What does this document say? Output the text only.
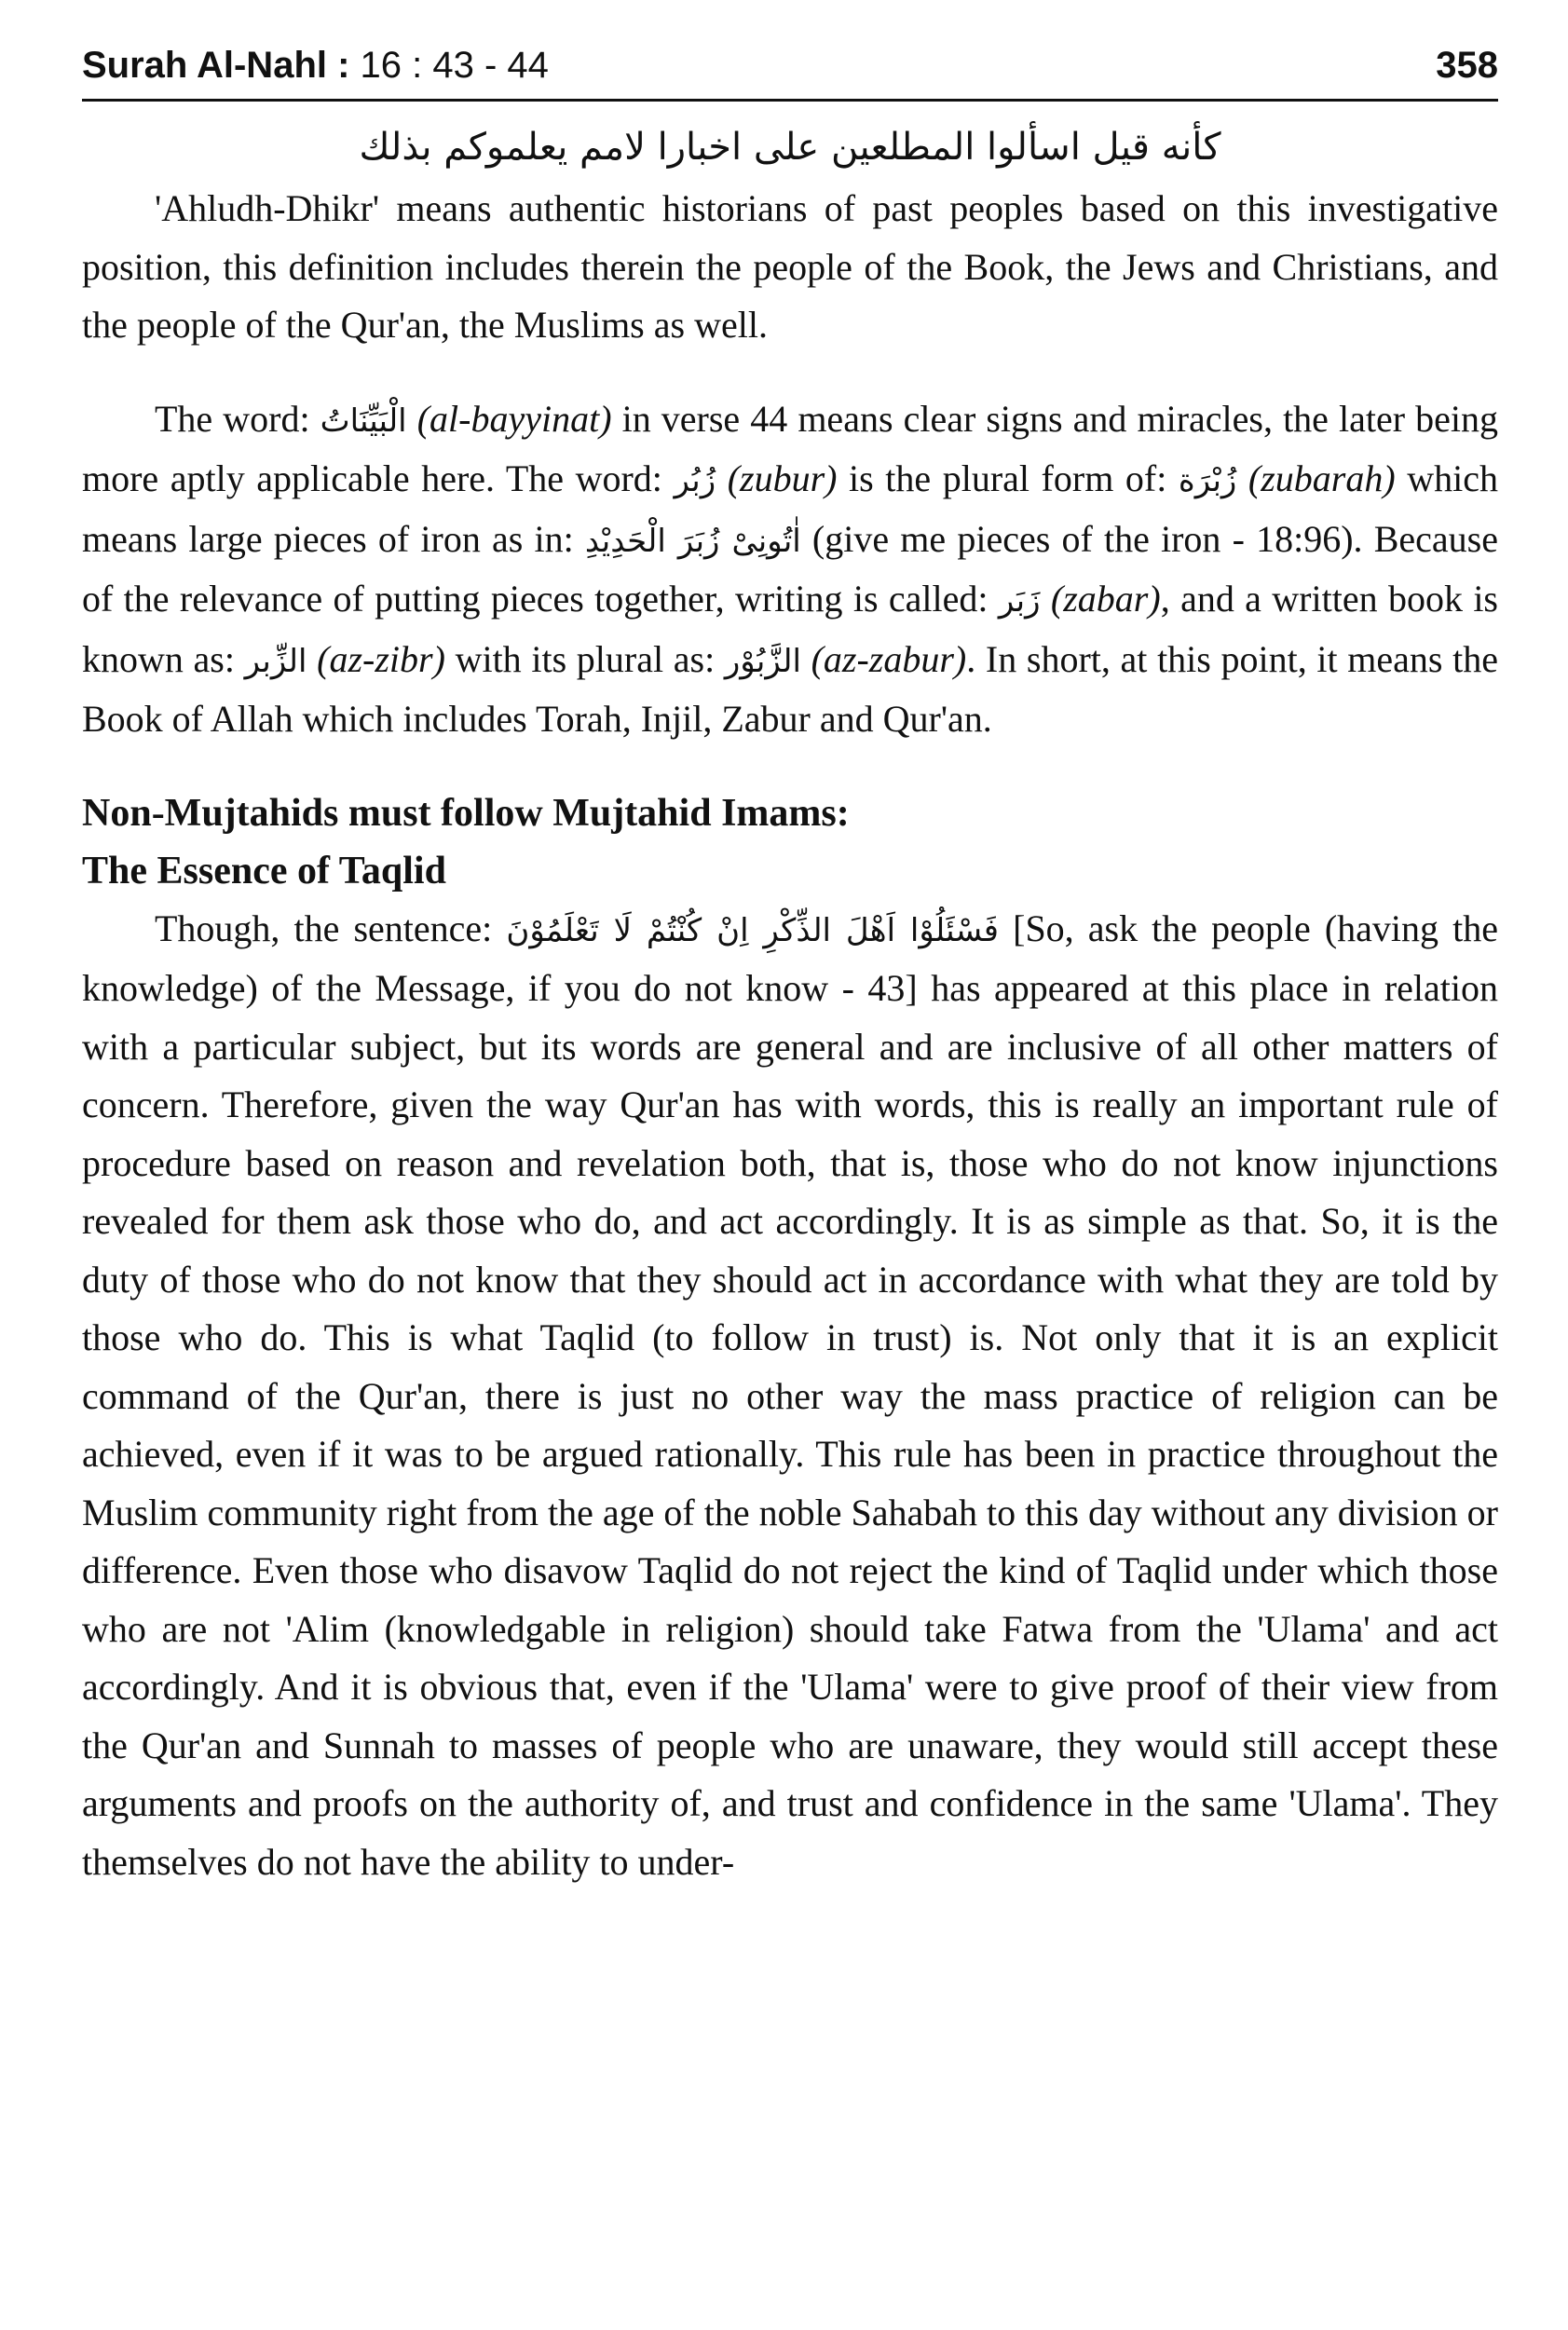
Surah Al-Nahl : 16 : 43 - 44	358
كأنه قيل اسألوا المطلعين على اخبارا لامم يعلموكم بذلك

'Ahludh-Dhikr' means authentic historians of past peoples based on this investigative position, this definition includes therein the people of the Book, the Jews and Christians, and the people of the Qur'an, the Muslims as well.

The word: الْبَيِّنَاتُ (al-bayyinat) in verse 44 means clear signs and miracles, the later being more aptly applicable here. The word: زُبُر (zubur) is the plural form of: زُبْرَة (zubarah) which means large pieces of iron as in: اٰتُونِىْ زُبَرَ الْحَدِيْدِ (give me pieces of the iron - 18:96). Because of the relevance of putting pieces together, writing is called: زَبَر (zabar), and a written book is known as: الزِّبر (az-zibr) with its plural as: الزَّبُوْر (az-zabur). In short, at this point, it means the Book of Allah which includes Torah, Injil, Zabur and Qur'an.

Non-Mujtahids must follow Mujtahid Imams:

The Essence of Taqlid

Though, the sentence: فَسْئَلُوْا اَهْلَ الذِّكْرِ اِنْ كُنْتُمْ لَا تَعْلَمُوْنَ [So, ask the people (having the knowledge) of the Message, if you do not know - 43] has appeared at this place in relation with a particular subject, but its words are general and are inclusive of all other matters of concern. Therefore, given the way Qur'an has with words, this is really an important rule of procedure based on reason and revelation both, that is, those who do not know injunctions revealed for them ask those who do, and act accordingly. It is as simple as that. So, it is the duty of those who do not know that they should act in accordance with what they are told by those who do. This is what Taqlid (to follow in trust) is. Not only that it is an explicit command of the Qur'an, there is just no other way the mass practice of religion can be achieved, even if it was to be argued rationally. This rule has been in practice throughout the Muslim community right from the age of the noble Sahabah to this day without any division or difference. Even those who disavow Taqlid do not reject the kind of Taqlid under which those who are not 'Alim (knowledgable in religion) should take Fatwa from the 'Ulama' and act accordingly. And it is obvious that, even if the 'Ulama' were to give proof of their view from the Qur'an and Sunnah to masses of people who are unaware, they would still accept these arguments and proofs on the authority of, and trust and confidence in the same 'Ulama'. They themselves do not have the ability to under-
